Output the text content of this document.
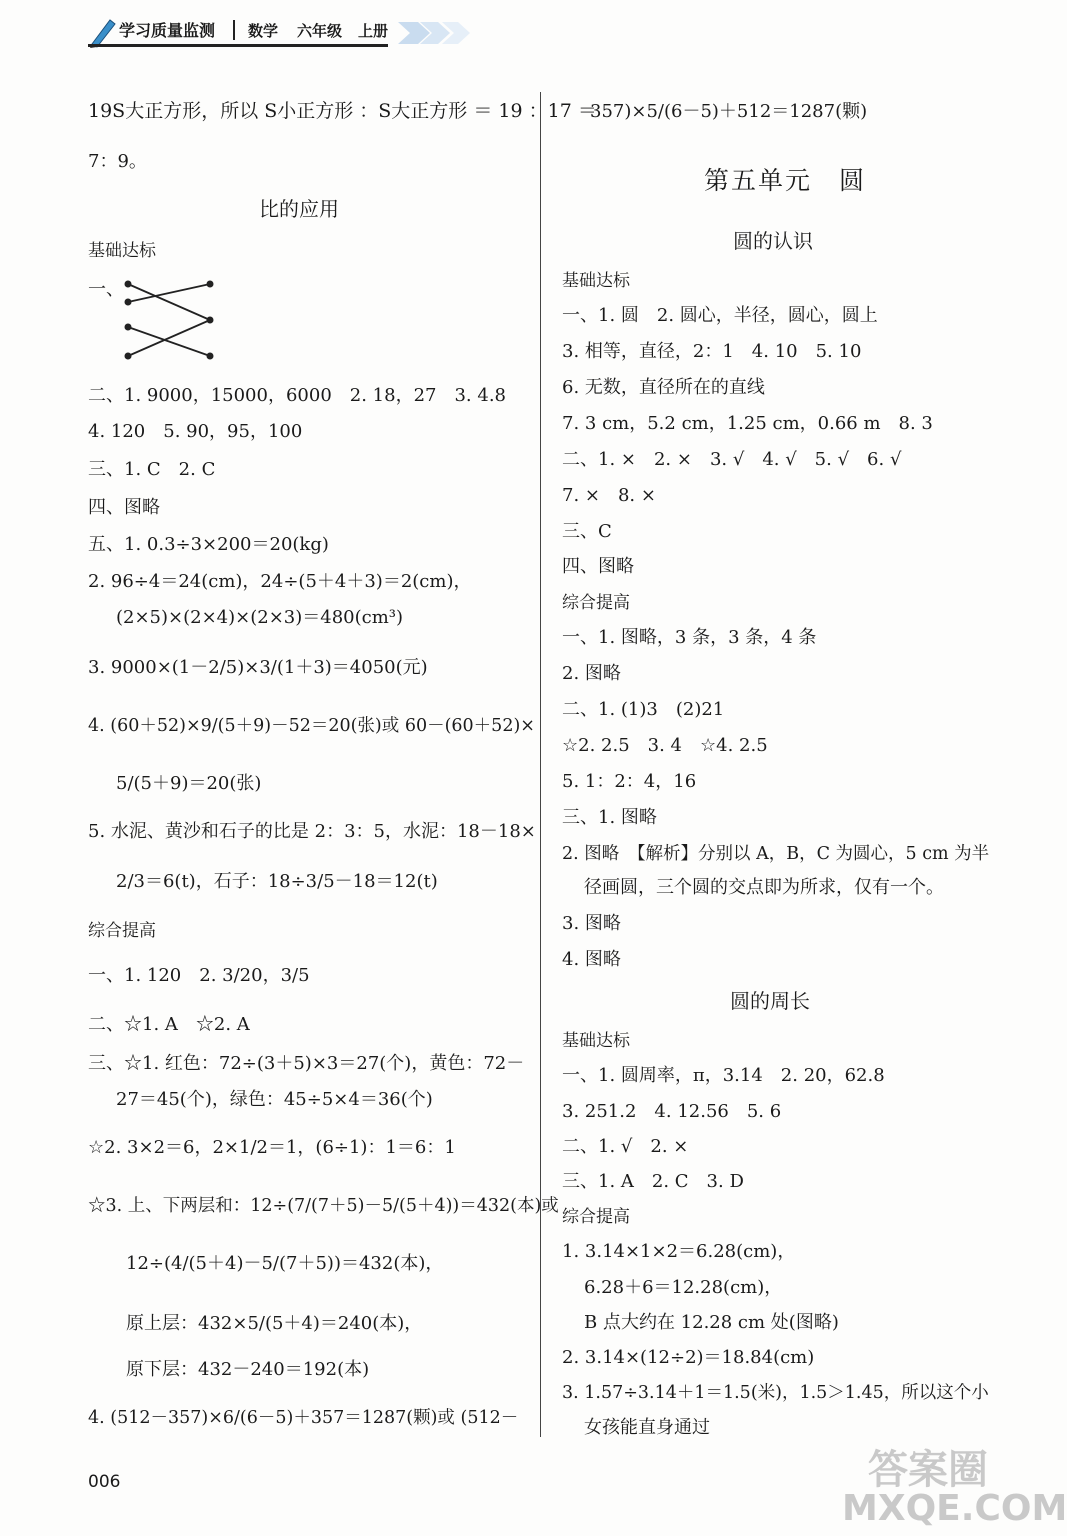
学习质量监测 数学 六年级 上册
19S大正方形，所以 S小正方形 ：S大正方形 ＝ 19 ：17 ＝
7：9。
比的应用
基础达标
一、
二、1. 9000，15000，6000　2. 18，27　3. 4.8
4. 120　5. 90，95，100
三、1. C　2. C
四、图略
五、1. 0.3÷3×200＝20(kg)
2. 96÷4＝24(cm)，24÷(5＋4＋3)＝2(cm)，
(2×5)×(2×4)×(2×3)＝480(cm³)
3. 9000×(1－2/5)×3/(1＋3)＝4050(元)
4. (60＋52)×9/(5＋9)－52＝20(张)或 60－(60＋52)×
5/(5＋9)＝20(张)
5. 水泥、黄沙和石子的比是 2：3：5，水泥：18－18×
2/3＝6(t)，石子：18÷3/5－18＝12(t)
综合提高
一、1. 120　2. 3/20，3/5
二、☆1. A　☆2. A
三、☆1. 红色：72÷(3＋5)×3＝27(个)，黄色：72－
27＝45(个)，绿色：45÷5×4＝36(个)
☆2. 3×2＝6，2×1/2＝1，(6÷1)：1＝6：1
☆3. 上、下两层和：12÷(7/(7＋5)－5/(5＋4))＝432(本)或
12÷(4/(5＋4)－5/(7＋5))＝432(本)，
原上层：432×5/(5＋4)＝240(本)，
原下层：432－240＝192(本)
4. (512－357)×6/(6－5)＋357＝1287(颗)或 (512－
357)×5/(6－5)＋512＝1287(颗)
第五单元　圆
圆的认识
基础达标
一、1. 圆　2. 圆心，半径，圆心，圆上
3. 相等，直径，2：1　4. 10　5. 10
6. 无数，直径所在的直线
7. 3 cm，5.2 cm，1.25 cm，0.66 m　8. 3
二、1. ×　2. ×　3. √　4. √　5. √　6. √
7. ×　8. ×
三、C
四、图略
综合提高
一、1. 图略，3 条，3 条，4 条
2. 图略
二、1. (1)3　(2)21
☆2. 2.5　3. 4　☆4. 2.5
5. 1：2：4，16
三、1. 图略
2. 图略　【解析】分别以 A，B，C 为圆心，5 cm 为半
径画圆，三个圆的交点即为所求，仅有一个。
3. 图略
4. 图略
圆的周长
基础达标
一、1. 圆周率，π，3.14　2. 20，62.8
3. 251.2　4. 12.56　5. 6
二、1. √　2. ×
三、1. A　2. C　3. D
综合提高
1. 3.14×1×2＝6.28(cm)，
6.28＋6＝12.28(cm)，
B 点大约在 12.28 cm 处(图略)
2. 3.14×(12÷2)＝18.84(cm)
3. 1.57÷3.14＋1＝1.5(米)，1.5＞1.45，所以这个小
女孩能直身通过
006	答案圈
MXQE.COM
